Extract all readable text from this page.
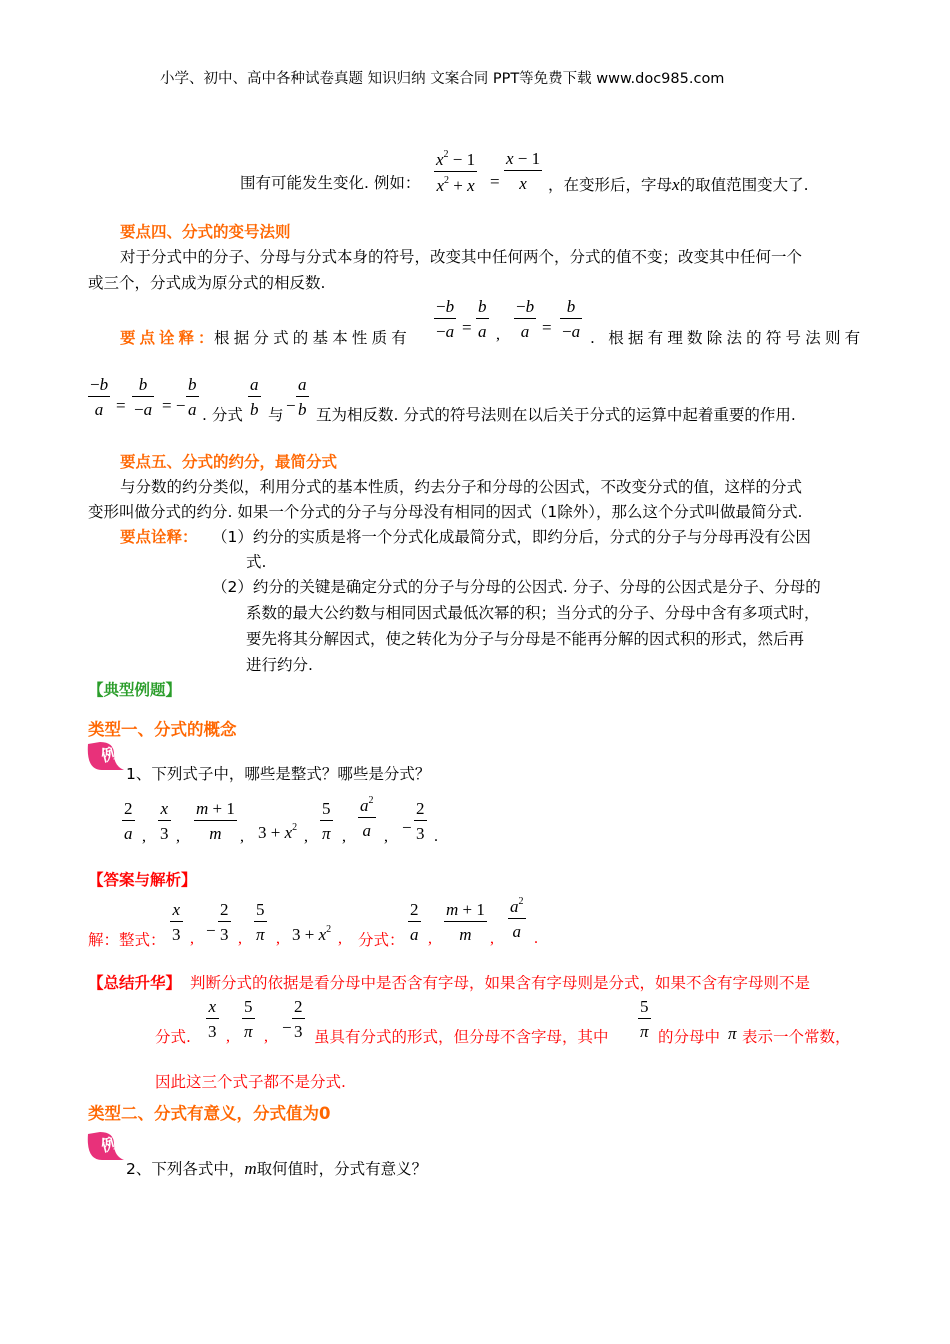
小学、初中、高中各种试卷真题 知识归纳 文案合同 PPT等免费下载 www.doc985.com
$x^2 - 1$
$x^2 + x$ =
x − 1
x
围有可能发生变化. 例如：	，在变形后，字母x的取值范围变大了.
要点四、分式的变号法则
对于分式中的分子、分母与分式本身的符号，改变其中任何两个，分式的值不变；改变其中任何一个
或三个，分式成为原分式的相反数.
−b
−a =
b
a ,
−b
a =
b
−a
要点诠释：
根据分式的基本性质有	. 根据有理数除法的符号法则有
−b
a =
b
−a = −
b
a . 分式
a
b 与 −
a
b 互为相反数. 分式的符号法则在以后关于分式的运算中起着重要的作用.
要点五、分式的约分，最简分式
与分数的约分类似，利用分式的基本性质，约去分子和分母的公因式，不改变分式的值，这样的分式
变形叫做分式的约分. 如果一个分式的分子与分母没有相同的因式（1除外），那么这个分式叫做最简分式.
要点诠释： （1）约分的实质是将一个分式化成最简分式，即约分后，分式的分子与分母再没有公因
式.
（2）约分的关键是确定分式的分子与分母的公因式. 分子、分母的公因式是分子、分母的
系数的最大公约数与相同因式最低次幂的积；当分式的分子、分母中含有多项式时，
要先将其分解因式，使之转化为分子与分母是不能再分解的因式积的形式，然后再
进行约分.
【典型例题】
类型一、分式的概念
例
1、下列式子中，哪些是整式？哪些是分式？
2
a ,
x
3 ,
m + 1
m , $3 + x^2$
,
5
π ,
$a^2$
a , −
2
3 .
【答案与解析】
解：整式：
x
3 , −
2
3 ,
5
π , $3 + x^2$
, 分式：
2
a ,
m + 1
m ,
$a^2$
a .
【总结升华】 判断分式的依据是看分母中是否含有字母，如果含有字母则是分式，如果不含有字母则不是
分式.
x
3 ,
5
π , −
2
3 虽具有分式的形式，但分母不含字母，其中
5
π 的分母中 π 表示一个常数，
因此这三个式子都不是分式.
类型二、分式有意义，分式值为0
例
2、下列各式中，m取何值时，分式有意义？
